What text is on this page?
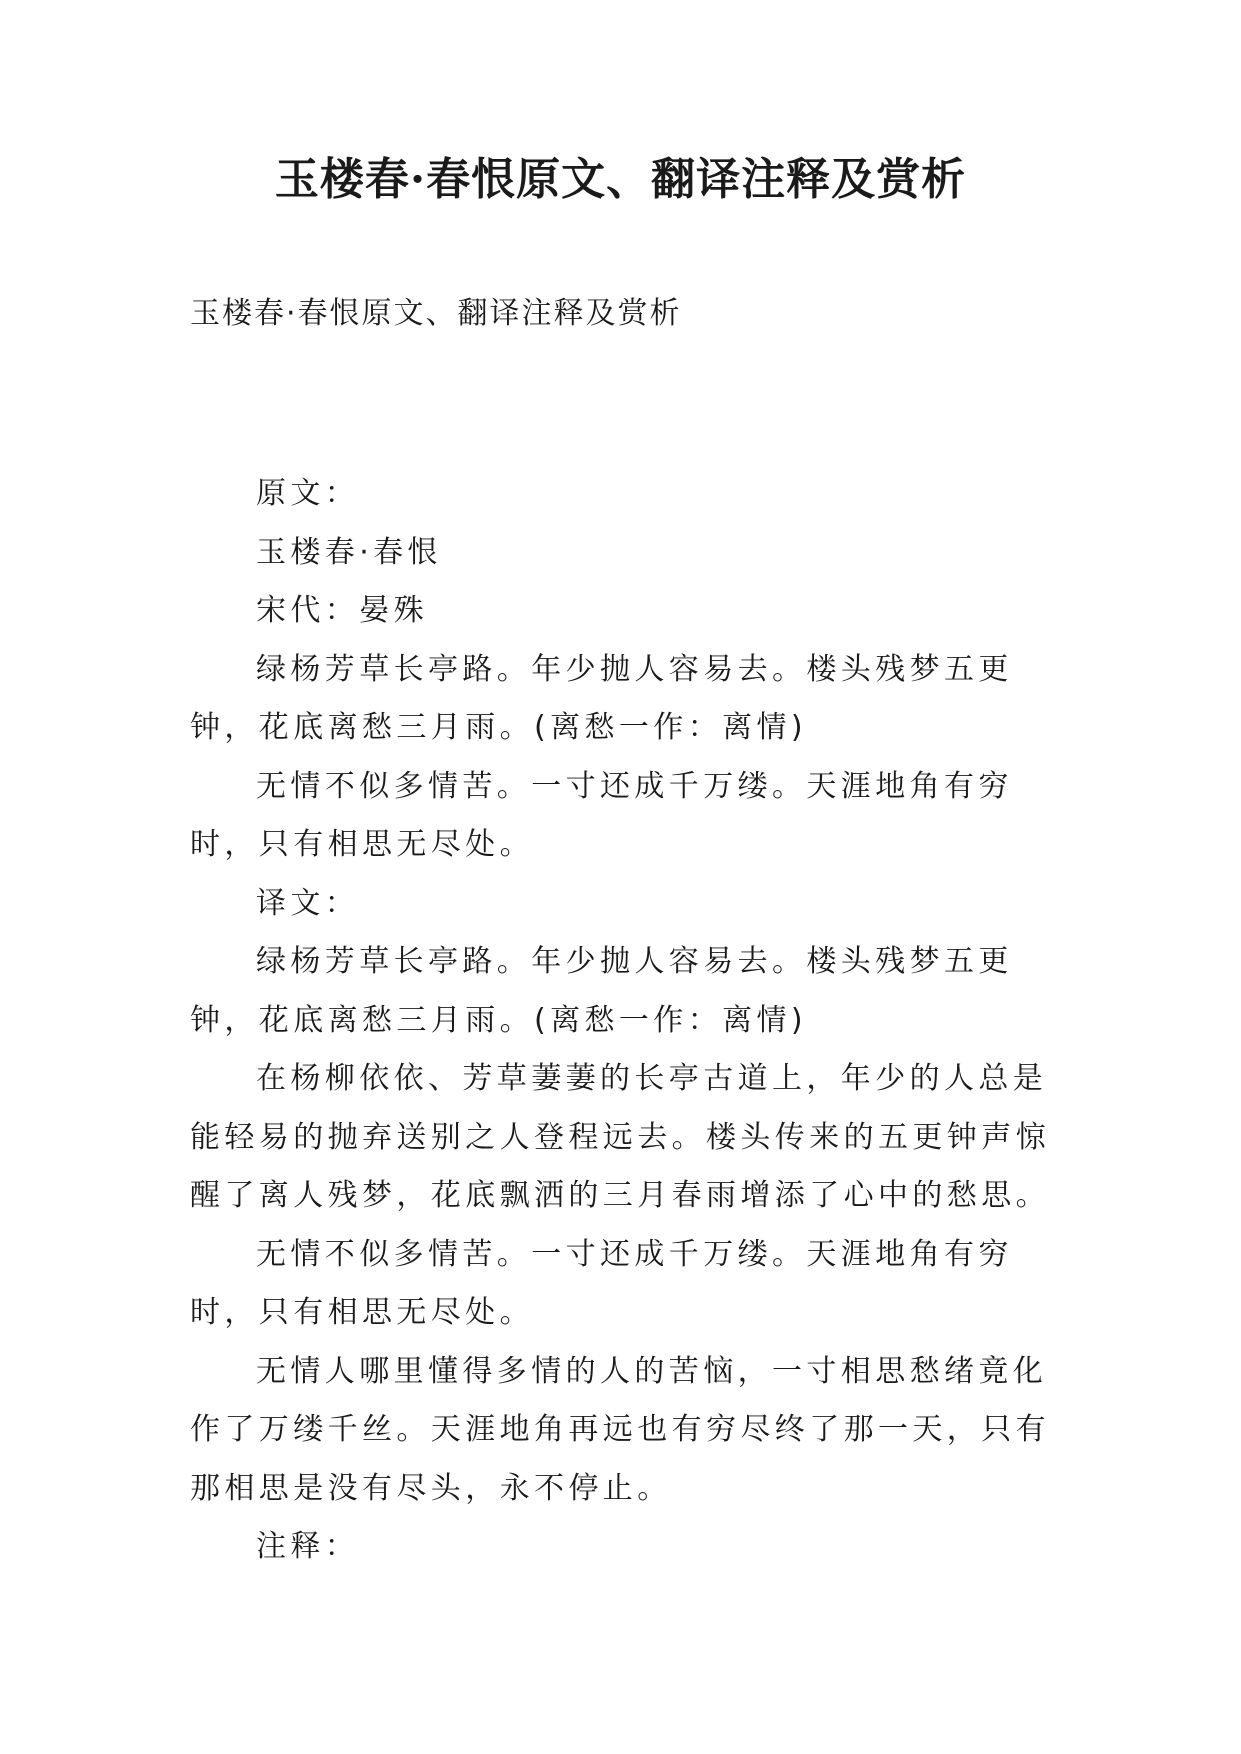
玉楼春·春恨原文、翻译注释及赏析
玉楼春·春恨原文、翻译注释及赏析

原文：

玉楼春·春恨

宋代：晏殊

绿杨芳草长亭路。年少抛人容易去。楼头残梦五更钟，花底离愁三月雨。(离愁一作：离情)

无情不似多情苦。一寸还成千万缕。天涯地角有穷时，只有相思无尽处。

译文：

绿杨芳草长亭路。年少抛人容易去。楼头残梦五更钟，花底离愁三月雨。(离愁一作：离情)

在杨柳依依、芳草萋萋的长亭古道上，年少的人总是能轻易的抛弃送别之人登程远去。楼头传来的五更钟声惊醒了离人残梦，花底飘洒的三月春雨增添了心中的愁思。

无情不似多情苦。一寸还成千万缕。天涯地角有穷时，只有相思无尽处。

无情人哪里懂得多情的人的苦恼，一寸相思愁绪竟化作了万缕千丝。天涯地角再远也有穷尽终了那一天，只有那相思是没有尽头，永不停止。

注释：
